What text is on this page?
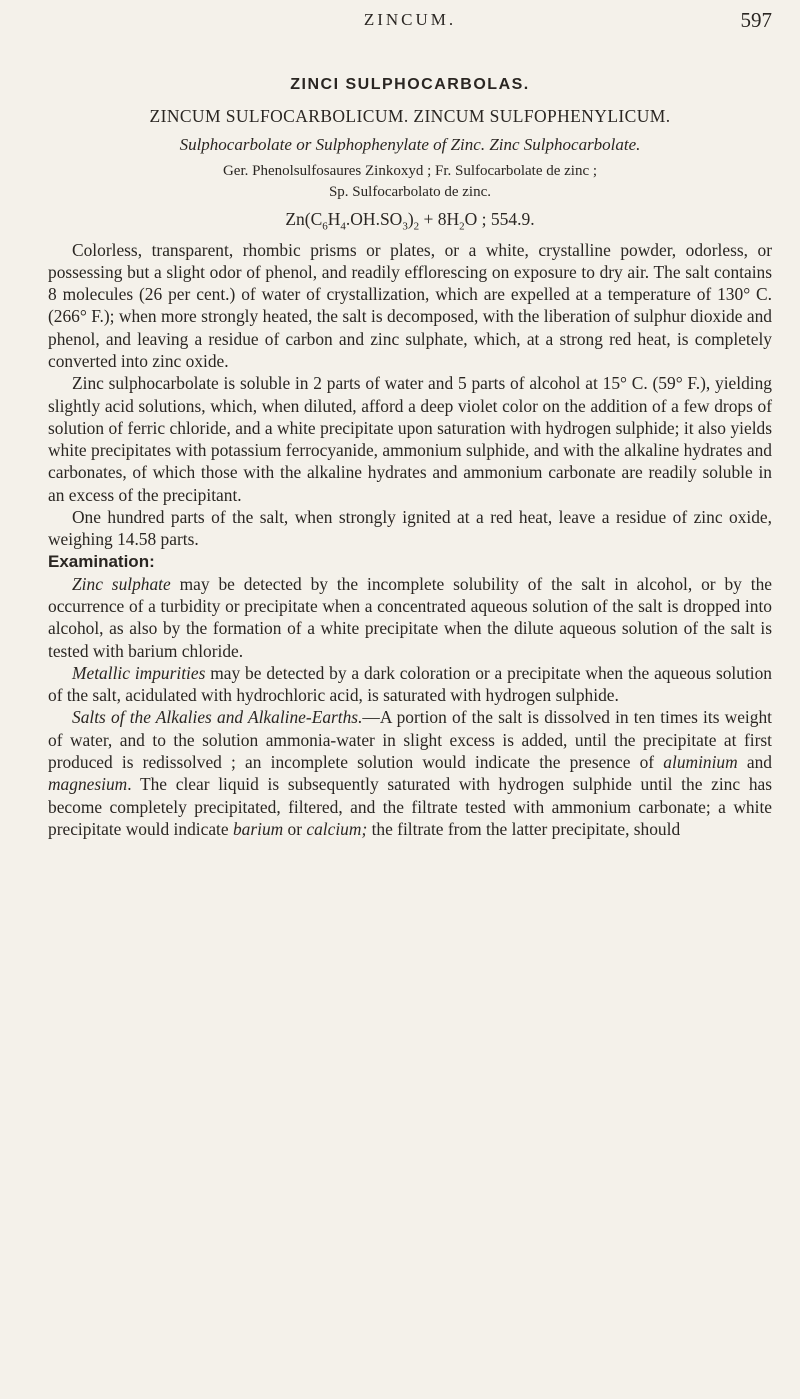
ZINCUM.	597
ZINCI SULPHOCARBOLAS.
ZINCUM SULFOCARBOLICUM. ZINCUM SULFOPHENYLICUM.
Sulphocarbolate or Sulphophenylate of Zinc. Zinc Sulphocarbolate.
Ger. Phenolsulfosaures Zinkoxyd ; Fr. Sulfocarbolate de zinc ;
Sp. Sulfocarbolato de zinc.
$Zn(C_6H_4.OH.SO_3)_2 + 8H_2O$ ; 554.9.

Colorless, transparent, rhombic prisms or plates, or a white, crystalline powder, odorless, or possessing but a slight odor of phenol, and readily efflorescing on exposure to dry air. The salt contains 8 molecules (26 per cent.) of water of crystallization, which are expelled at a temperature of 130° C. (266° F.); when more strongly heated, the salt is decomposed, with the liberation of sulphur dioxide and phenol, and leaving a residue of carbon and zinc sulphate, which, at a strong red heat, is completely converted into zinc oxide.

Zinc sulphocarbolate is soluble in 2 parts of water and 5 parts of alcohol at 15° C. (59° F.), yielding slightly acid solutions, which, when diluted, afford a deep violet color on the addition of a few drops of solution of ferric chloride, and a white precipitate upon saturation with hydrogen sulphide; it also yields white precipitates with potassium ferrocyanide, ammonium sulphide, and with the alkaline hydrates and carbonates, of which those with the alkaline hydrates and ammonium carbonate are readily soluble in an excess of the precipitant.

One hundred parts of the salt, when strongly ignited at a red heat, leave a residue of zinc oxide, weighing 14.58 parts.

Examination:

Zinc sulphate may be detected by the incomplete solubility of the salt in alcohol, or by the occurrence of a turbidity or precipitate when a concentrated aqueous solution of the salt is dropped into alcohol, as also by the formation of a white precipitate when the dilute aqueous solution of the salt is tested with barium chloride.

Metallic impurities may be detected by a dark coloration or a precipitate when the aqueous solution of the salt, acidulated with hydrochloric acid, is saturated with hydrogen sulphide.

Salts of the Alkalies and Alkaline-Earths.—A portion of the salt is dissolved in ten times its weight of water, and to the solution ammonia-water in slight excess is added, until the precipitate at first produced is redissolved ; an incomplete solution would indicate the presence of aluminium and magnesium. The clear liquid is subsequently saturated with hydrogen sulphide until the zinc has become completely precipitated, filtered, and the filtrate tested with ammonium carbonate; a white precipitate would indicate barium or calcium; the filtrate from the latter precipitate, should
